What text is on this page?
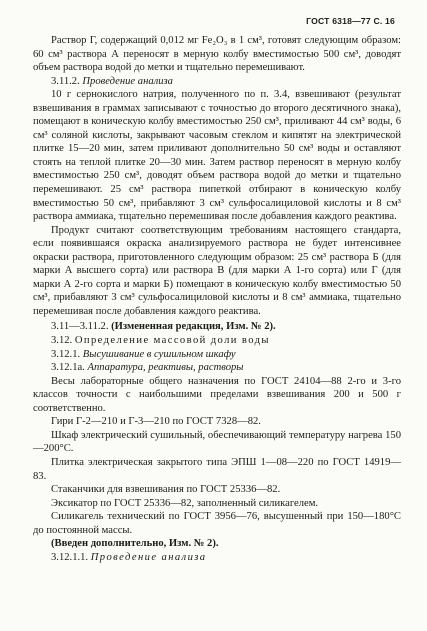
ГОСТ 6318—77 С. 16

Раствор Г, содержащий 0,012 мг Fe₂O₃ в 1 см³, готовят следующим образом: 60 см³ раствора А переносят в мерную колбу вместимостью 500 см³, доводят объем раствора водой до метки и тщательно перемешивают.

3.11.2. Проведение анализа

10 г сернокислого натрия, полученного по п. 3.4, взвешивают (результат взвешивания в граммах записывают с точностью до второго десятичного знака), помещают в коническую колбу вместимостью 250 см³, приливают 44 см³ воды, 6 см³ соляной кислоты, закрывают часовым стеклом и кипятят на электрической плитке 15—20 мин, затем приливают дополнительно 50 см³ воды и оставляют стоять на теплой плитке 20—30 мин. Затем раствор переносят в мерную колбу вместимостью 250 см³, доводят объем раствора водой до метки и тщательно перемешивают. 25 см³ раствора пипеткой отбирают в коническую колбу вместимостью 50 см³, прибавляют 3 см³ сульфосалициловой кислоты и 8 см³ раствора аммиака, тщательно перемешивая после добавления каждого реактива.

Продукт считают соответствующим требованиям настоящего стандарта, если появившаяся окраска анализируемого раствора не будет интенсивнее окраски раствора, приготовленного следующим образом: 25 см³ раствора Б (для марки А высшего сорта) или раствора В (для марки А 1-го сорта) или Г (для марки А 2-го сорта и марки Б) помещают в коническую колбу вместимостью 50 см³, прибавляют 3 см³ сульфосалициловой кислоты и 8 см³ аммиака, тщательно перемешивая после добавления каждого реактива.

3.11—3.11.2. (Измененная редакция, Изм. № 2).

3.12. Определение массовой доли воды

3.12.1. Высушивание в сушильном шкафу

3.12.1а. Аппаратура, реактивы, растворы

Весы лабораторные общего назначения по ГОСТ 24104—88 2-го и 3-го классов точности с наибольшими пределами взвешивания 200 и 500 г соответственно.

Гири Г-2—210 и Г-3—210 по ГОСТ 7328—82.

Шкаф электрический сушильный, обеспечивающий температуру нагрева 150—200°С.

Плитка электрическая закрытого типа ЭПШ 1—08—220 по ГОСТ 14919—83.

Стаканчики для взвешивания по ГОСТ 25336—82.

Эксикатор по ГОСТ 25336—82, заполненный силикагелем.

Силикагель технический по ГОСТ 3956—76, высушенный при 150—180°С до постоянной массы.

(Введен дополнительно, Изм. № 2).

3.12.1.1. Проведение анализа
